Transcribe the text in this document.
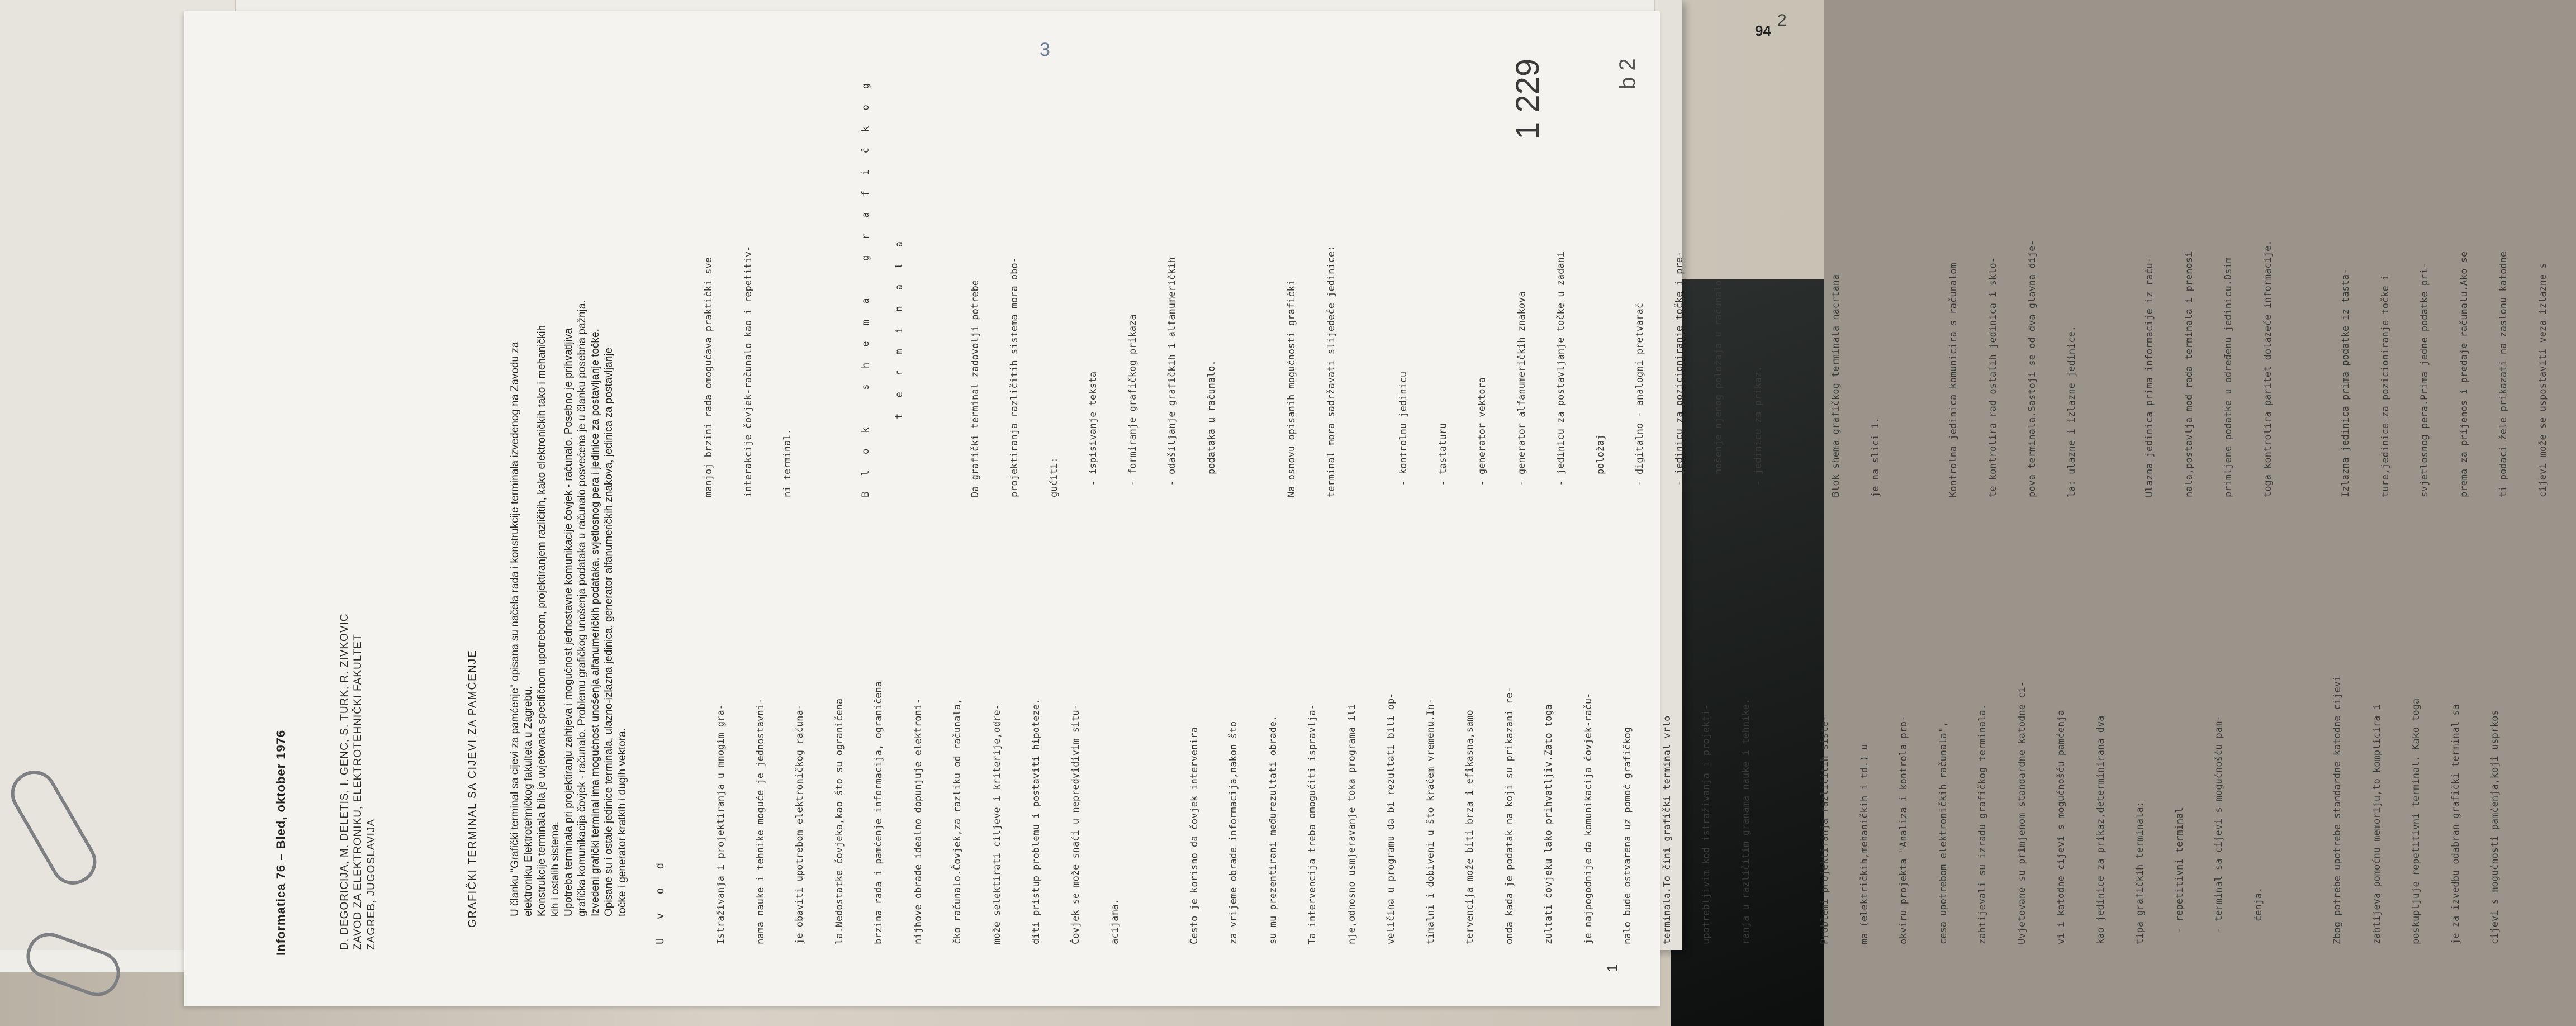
Informatica 76 – Bled, oktober 1976	D. DEGORICIJA, M. DELETIS, I. GENC, S. TURK, R. ZIVKOVIC ZAVOD ZA ELEKTRONIKU, ELEKTROTEHNIČKI FAKULTET ZAGREB, JUGOSLAVIJA	GRAFIČKI TERMINAL SA CIJEVI ZA PAMĆENJE	U članku "Grafički terminal sa cijevi za pamćenje" opisana su načela rada i konstrukcije terminala izvedenog na Zavodu za elektroniku Elektrotehničkog fakulteta u Zagrebu. Konstrukcije terminala bila je uvjetovana specifičnom upotrebom, projektiranjem različitih, kako elektroničkih tako i mehaničkih kih i ostalih sistema. Upotreba terminala pri projektiranju zahtjeva i mogućnost jednostavne komunikacije čovjek - računalo. Posebno je prihvatljiva grafička komunikacija čovjek - računalo. Problemu grafičkog unošenja podataka u računalo posvećena je u članku posebna pažnja. Izvedeni grafički terminal ima mogućnost unošenja alfanumeričkih podataka, svjetlosnog pera i jedinice za postavljanje točke. Opisane su i ostale jedinice terminala, ulazno-izlazna jedinica, generator alfanumeričkih znakova, jedinica za postavljanje točke i generator kratkih i dugih vektora. U v o d

	Istraživanja i projektiranja u mnogim gra-

	nama nauke i tehnike moguće je jednostavni-

	je obaviti upotrebom elektroničkog računa-

	la.Nedostatke čovjeka,kao što su ograničena

	brzina rada i pamćenje informacija, ograničena

	nijhove obrade idealno dopunjuje elektroni-

	čko računalo.Čovjek,za razliku od računala,

	može selektirati ciljeve i kriterije,odre-

	diti pristup problemu i postaviti hipoteze.

	Čovjek se može snaći u nepredvidivim situ-

	acijama.

	Često je korisno da čovjek intervenira

	za vrijeme obrade informacija,nakon što

	su mu prezentirani međurezultati obrade.

	Ta intervencija treba omogućiti ispravlja-

	nje,odnosno usmjeravanje toka programa ili

	veličina u programu da bi rezultati bili op-

	timalni i dobiveni u što kraćem vremenu.In-

	tervencija može biti brza i efikasna,samo

	onda kada je podatak na koji su prikazani re-

	zultati čovjeku lako prihvatljiv.Zato toga

	je najpogodnije da komunikacija čovjek-raču-

	nalo bude ostvarena uz pomoć grafičkog

	terminala.To čini grafički terminal vrlo

	upotrebljivim kod istraživanja i projekti-

	ranja u različitim granama nauke i tehnike.

	Problemi projektiranja različitih siste-

	ma (električkih,mehaničkih i td.) u

	okviru projekta "Analiza i kontrola pro-

	cesa upotrebom elektroničkih računala",

	zahtijevali su izradu grafičkog terminala.

	Uvjetovane su primjenom standardne katodne ci-

	vi i katodne cijevi s mogućnošću pamćenja

	kao jedinice za prikaz,determinirana dva

	tipa grafičkih terminala:

	- repetitivni terminal

	- terminal sa cijevi s mogućnošću pam-

	ćenja.

	Zbog potrebe upotrebe standardne katodne cijevi

	zahtijeva pomoćnu memoriju,to komplicira i

	poskupljuje repetitivni terminal. Kako toga

	je za izvedbu odabran grafički terminal sa

	cijevi s mogućnosti pamćenja,koji usprkos

manjoj brzini rada omogućava praktički sve

	interakcije čovjek-računalo kao i repetitiv-

	ni terminal.

	B l o k   s h e m a   g r a f i č k o g

t e r m i n a l a

	Da grafički terminal zadovolji potrebe

	projektiranja različitih sistema mora obo-

	gućiti:

	- ispisivanje teksta

	- formiranje grafičkog prikaza

	- odašiljanje grafičkih i alfanumeričkih

	podataka u računalo.

	Na osnovu opisanih mogućnosti grafički

	terminal mora sadržavati slijedeće jedinice:

	- kontrolnu jedinicu

	- tastaturu

	- generator vektora

	- generator alfanumeričkih znakova

	- jedinicu za postavljanje točke u zadani

	položaj

	- digitalno - analogni pretvarač

	- jedinicu za pozicioniranje točke i pre-

	nošenje njenog položaja u računalo

	- jedinicu za prikaz.

	Blok shema grafičkog terminala nacrtana

	je na slici 1.

	Kontrolna jedinica komunicira s računalom

	te kontrolira rad ostalih jedinica i sklo-

	pova terminala.Sastoji se od dva glavna dije-

	la: ulazne i izlazne jedinice.

	Ulazna jedinica prima informacije iz raču-

	nala,postavlja mod rada terminala i prenosi

	primljene podatke u određenu jedinicu.Osim

	toga kontrolira paritet dolazeće informacije.

	Izlazna jedinica prima podatke iz tasta-

	ture,jedinice za pozicioniranje točke i

	svjetlosnog pera.Prima jedne podatke pri-

	prema za prijenos i predaje računalu.Ako se

	ti podaci žele prikazati na zaslonu katodne

	cijevi može se uspostaviti veza izlazne s

1
b 2
1 229
3
2
94
